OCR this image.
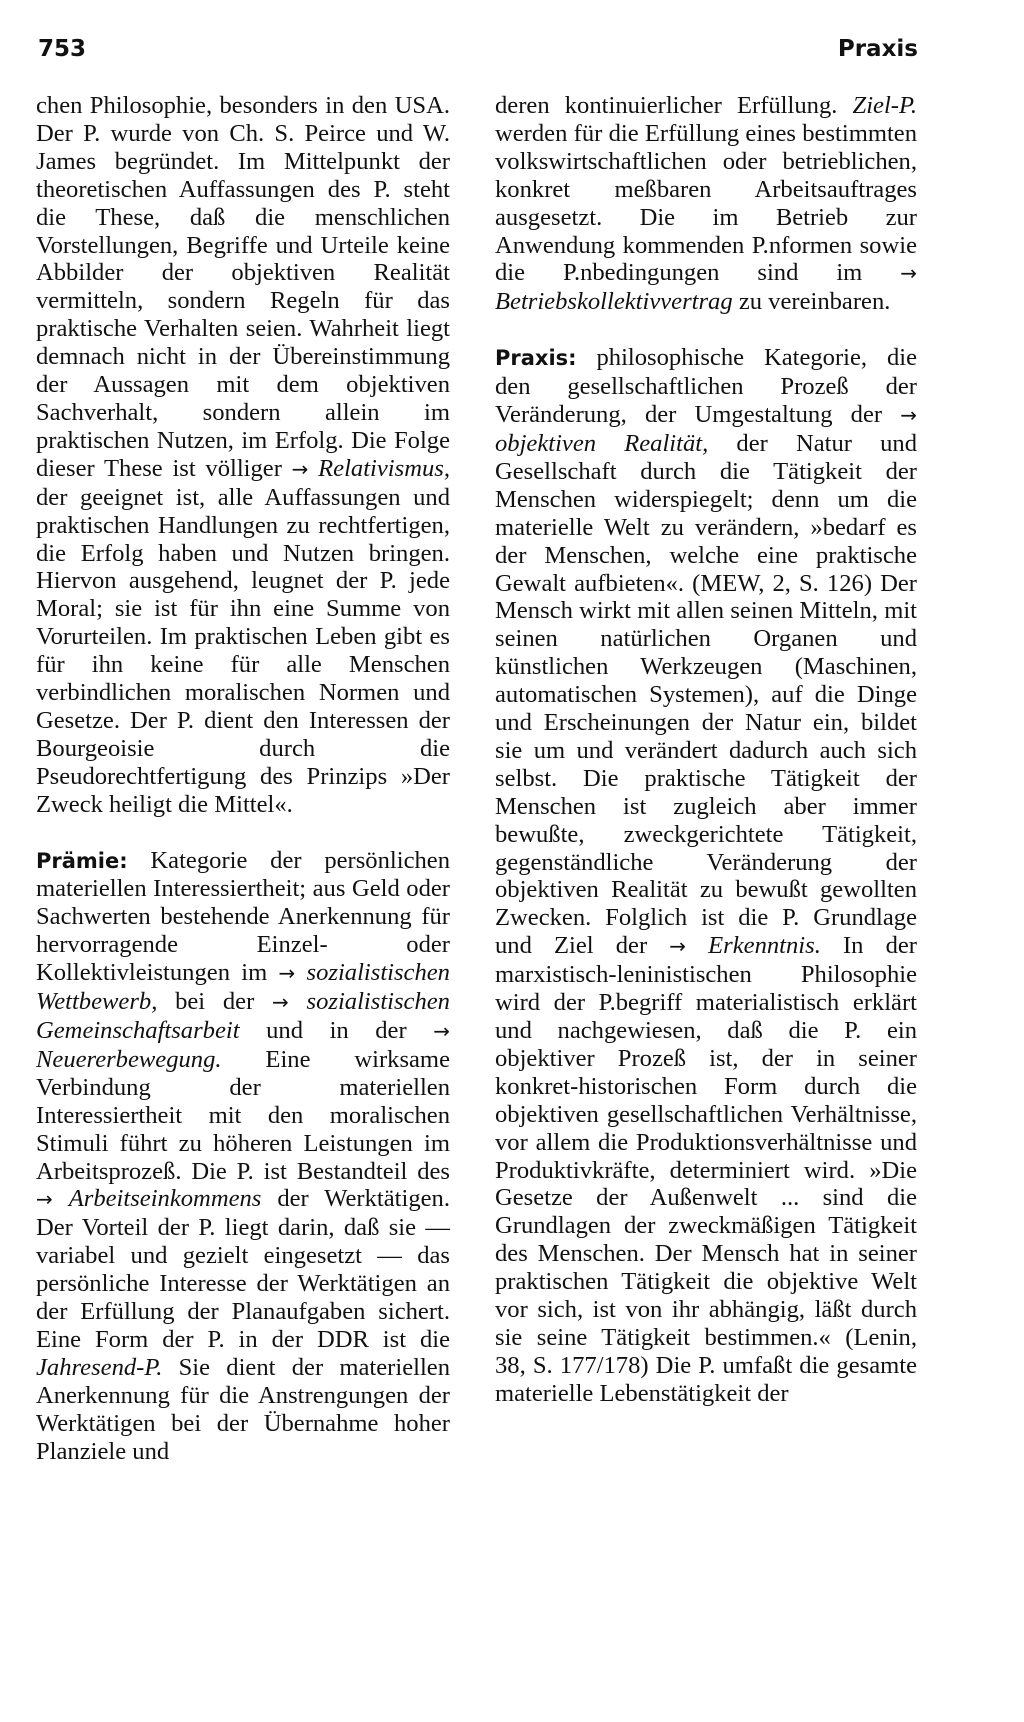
753	Praxis

chen Philosophie, besonders in den USA. Der P. wurde von Ch. S. Peirce und W. James begründet. Im Mittelpunkt der theoretischen Auffassungen des P. steht die These, daß die menschlichen Vorstellungen, Begriffe und Urteile keine Abbilder der objektiven Realität vermitteln, sondern Regeln für das praktische Verhalten seien. Wahrheit liegt demnach nicht in der Übereinstimmung der Aussagen mit dem objektiven Sachverhalt, sondern allein im praktischen Nutzen, im Erfolg. Die Folge dieser These ist völliger → Relativismus, der geeignet ist, alle Auffassungen und praktischen Handlungen zu rechtfertigen, die Erfolg haben und Nutzen bringen. Hiervon ausgehend, leugnet der P. jede Moral; sie ist für ihn eine Summe von Vorurteilen. Im praktischen Leben gibt es für ihn keine für alle Menschen verbindlichen moralischen Normen und Gesetze. Der P. dient den Interessen der Bourgeoisie durch die Pseudorechtfertigung des Prinzips »Der Zweck heiligt die Mittel«.

Prämie: Kategorie der persönlichen materiellen Interessiertheit; aus Geld oder Sachwerten bestehende Anerkennung für hervorragende Einzel- oder Kollektivleistungen im → sozialistischen Wettbewerb, bei der → sozialistischen Gemeinschaftsarbeit und in der → Neuererbewegung. Eine wirksame Verbindung der materiellen Interessiertheit mit den moralischen Stimuli führt zu höheren Leistungen im Arbeitsprozeß. Die P. ist Bestandteil des → Arbeitseinkommens der Werktätigen. Der Vorteil der P. liegt darin, daß sie — variabel und gezielt eingesetzt — das persönliche Interesse der Werktätigen an der Erfüllung der Planaufgaben sichert. Eine Form der P. in der DDR ist die Jahresend-P. Sie dient der materiellen Anerkennung für die Anstrengungen der Werktätigen bei der Übernahme hoher Planziele und

deren kontinuierlicher Erfüllung. Ziel-P. werden für die Erfüllung eines bestimmten volkswirtschaftlichen oder betrieblichen, konkret meßbaren Arbeitsauftrages ausgesetzt. Die im Betrieb zur Anwendung kommenden P.nformen sowie die P.nbedingungen sind im → Betriebskollektivvertrag zu vereinbaren.

Praxis: philosophische Kategorie, die den gesellschaftlichen Prozeß der Veränderung, der Umgestaltung der → objektiven Realität, der Natur und Gesellschaft durch die Tätigkeit der Menschen widerspiegelt; denn um die materielle Welt zu verändern, »bedarf es der Menschen, welche eine praktische Gewalt aufbieten«. (MEW, 2, S. 126) Der Mensch wirkt mit allen seinen Mitteln, mit seinen natürlichen Organen und künstlichen Werkzeugen (Maschinen, automatischen Systemen), auf die Dinge und Erscheinungen der Natur ein, bildet sie um und verändert dadurch auch sich selbst. Die praktische Tätigkeit der Menschen ist zugleich aber immer bewußte, zweckgerichtete Tätigkeit, gegenständliche Veränderung der objektiven Realität zu bewußt gewollten Zwecken. Folglich ist die P. Grundlage und Ziel der → Erkenntnis. In der marxistisch-leninistischen Philosophie wird der P.begriff materialistisch erklärt und nachgewiesen, daß die P. ein objektiver Prozeß ist, der in seiner konkret-historischen Form durch die objektiven gesellschaftlichen Verhältnisse, vor allem die Produktionsverhältnisse und Produktivkräfte, determiniert wird. »Die Gesetze der Außenwelt ... sind die Grundlagen der zweckmäßigen Tätigkeit des Menschen. Der Mensch hat in seiner praktischen Tätigkeit die objektive Welt vor sich, ist von ihr abhängig, läßt durch sie seine Tätigkeit bestimmen.« (Lenin, 38, S. 177/178) Die P. umfaßt die gesamte materielle Lebenstätigkeit der
